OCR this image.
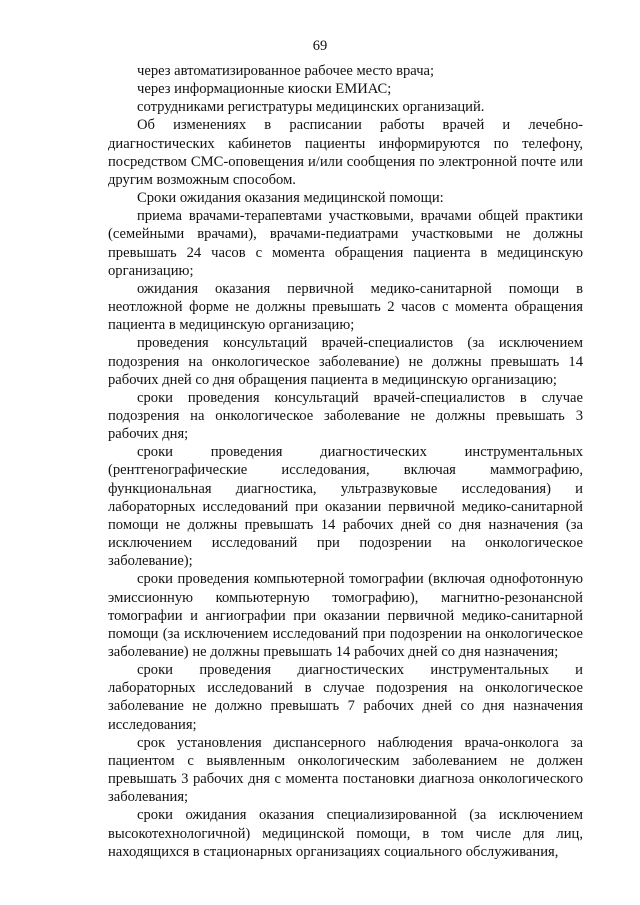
69

через автоматизированное рабочее место врача;

через информационные киоски ЕМИАС;

сотрудниками регистратуры медицинских организаций.

Об изменениях в расписании работы врачей и лечебно-диагностических кабинетов пациенты информируются по телефону, посредством СМС-оповещения и/или сообщения по электронной почте или другим возможным способом.

Сроки ожидания оказания медицинской помощи:

приема врачами-терапевтами участковыми, врачами общей практики (семейными врачами), врачами-педиатрами участковыми не должны превышать 24 часов с момента обращения пациента в медицинскую организацию;

ожидания оказания первичной медико-санитарной помощи в неотложной форме не должны превышать 2 часов с момента обращения пациента в медицинскую организацию;

проведения консультаций врачей-специалистов (за исключением подозрения на онкологическое заболевание) не должны превышать 14 рабочих дней со дня обращения пациента в медицинскую организацию;

сроки проведения консультаций врачей-специалистов в случае подозрения на онкологическое заболевание не должны превышать 3 рабочих дня;

сроки проведения диагностических инструментальных (рентгенографические исследования, включая маммографию, функциональная диагностика, ультразвуковые исследования) и лабораторных исследований при оказании первичной медико-санитарной помощи не должны превышать 14 рабочих дней со дня назначения (за исключением исследований при подозрении на онкологическое заболевание);

сроки проведения компьютерной томографии (включая однофотонную эмиссионную компьютерную томографию), магнитно-резонансной томографии и ангиографии при оказании первичной медико-санитарной помощи (за исключением исследований при подозрении на онкологическое заболевание) не должны превышать 14 рабочих дней со дня назначения;

сроки проведения диагностических инструментальных и лабораторных исследований в случае подозрения на онкологическое заболевание не должно превышать 7 рабочих дней со дня назначения исследования;

срок установления диспансерного наблюдения врача-онколога за пациентом с выявленным онкологическим заболеванием не должен превышать 3 рабочих дня с момента постановки диагноза онкологического заболевания;

сроки ожидания оказания специализированной (за исключением высокотехнологичной) медицинской помощи, в том числе для лиц, находящихся в стационарных организациях социального обслуживания,
